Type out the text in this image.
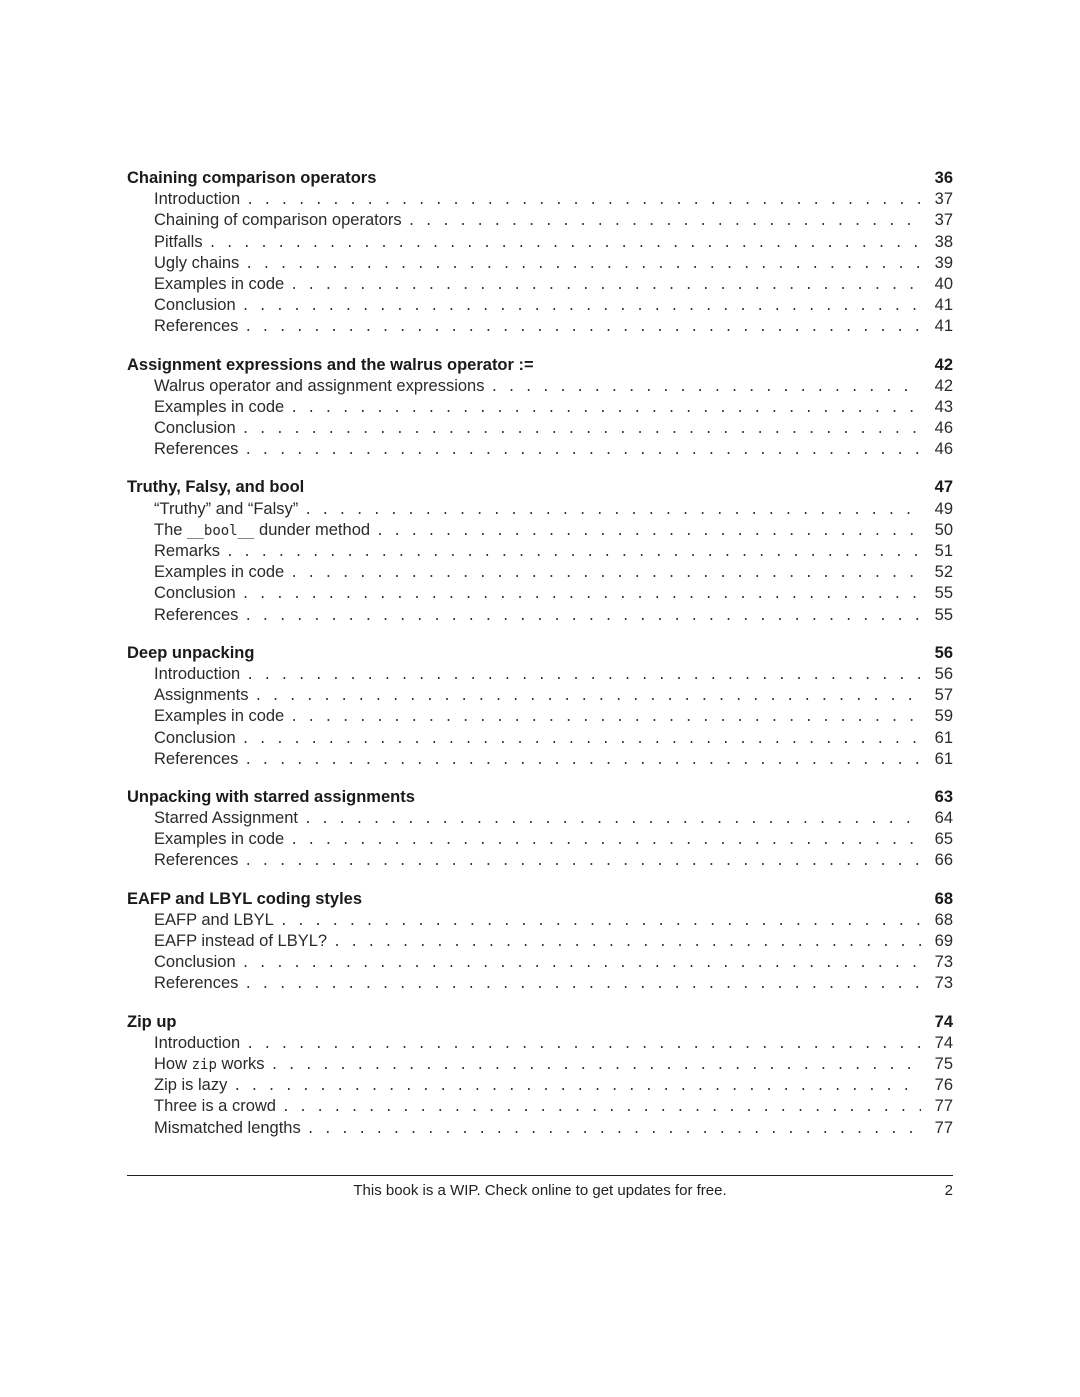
Chaining comparison operators	36
Introduction . . .	37
Chaining of comparison operators . . .	37
Pitfalls . . .	38
Ugly chains . . .	39
Examples in code . . .	40
Conclusion . . .	41
References . . .	41
Assignment expressions and the walrus operator :=	42
Walrus operator and assignment expressions . . .	42
Examples in code . . .	43
Conclusion . . .	46
References . . .	46
Truthy, Falsy, and bool	47
“Truthy” and “Falsy” . . .	49
The __bool__ dunder method . . .	50
Remarks . . .	51
Examples in code . . .	52
Conclusion . . .	55
References . . .	55
Deep unpacking	56
Introduction . . .	56
Assignments . . .	57
Examples in code . . .	59
Conclusion . . .	61
References . . .	61
Unpacking with starred assignments	63
Starred Assignment . . .	64
Examples in code . . .	65
References . . .	66
EAFP and LBYL coding styles	68
EAFP and LBYL . . .	68
EAFP instead of LBYL? . . .	69
Conclusion . . .	73
References . . .	73
Zip up	74
Introduction . . .	74
How zip works . . .	75
Zip is lazy . . .	76
Three is a crowd . . .	77
Mismatched lengths . . .	77
This book is a WIP. Check online to get updates for free.	2
